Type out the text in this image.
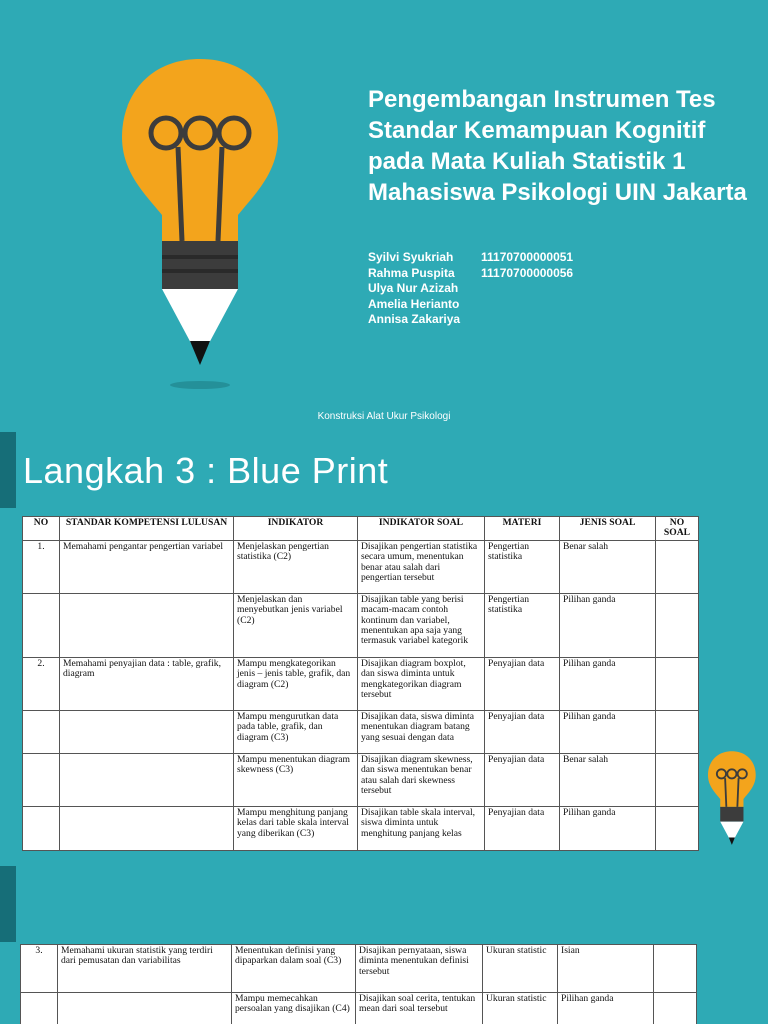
Pengembangan Instrumen Tes Standar Kemampuan Kognitif pada Mata Kuliah Statistik 1 Mahasiswa Psikologi UIN Jakarta
Syilvi Syukriah	11170700000051
Rahma Puspita	11170700000056
Ulya Nur Azizah
Amelia Herianto
Annisa Zakariya
Konstruksi Alat Ukur Psikologi
Langkah 3 : Blue Print
NO	STANDAR KOMPETENSI LULUSAN	INDIKATOR	INDIKATOR SOAL	MATERI	JENIS SOAL	NO SOAL
1.	Memahami pengantar pengertian variabel	Menjelaskan pengertian statistika (C2)	Disajikan pengertian statistika secara umum, menentukan benar atau salah dari pengertian tersebut	Pengertian statistika	Benar salah	
		Menjelaskan dan menyebutkan jenis variabel (C2)	Disajikan table yang berisi macam-macam contoh kontinum dan variabel, menentukan apa saja yang termasuk variabel kategorik	Pengertian statistika	Pilihan ganda	
2.	Memahami penyajian data : table, grafik, diagram	Mampu mengkategorikan jenis – jenis table, grafik, dan diagram (C2)	Disajikan diagram boxplot, dan siswa diminta untuk mengkategorikan diagram tersebut	Penyajian data	Pilihan ganda	
		Mampu mengurutkan data pada table, grafik, dan diagram (C3)	Disajikan data, siswa diminta menentukan diagram batang yang sesuai dengan data	Penyajian data	Pilihan ganda	
		Mampu menentukan diagram skewness (C3)	Disajikan diagram skewness, dan siswa menentukan benar atau salah dari skewness tersebut	Penyajian data	Benar salah	
		Mampu menghitung panjang kelas dari table skala interval yang diberikan (C3)	Disajikan table skala interval, siswa diminta untuk menghitung panjang kelas	Penyajian data	Pilihan ganda	
3.	Memahami ukuran statistik yang terdiri dari pemusatan dan variabilitas	Menentukan definisi yang dipaparkan dalam soal (C3)	Disajikan pernyataan, siswa diminta menentukan definisi tersebut	Ukuran statistic	Isian	
		Mampu memecahkan persoalan yang disajikan (C4)	Disajikan soal cerita, tentukan mean dari soal tersebut	Ukuran statistic	Pilihan ganda	
